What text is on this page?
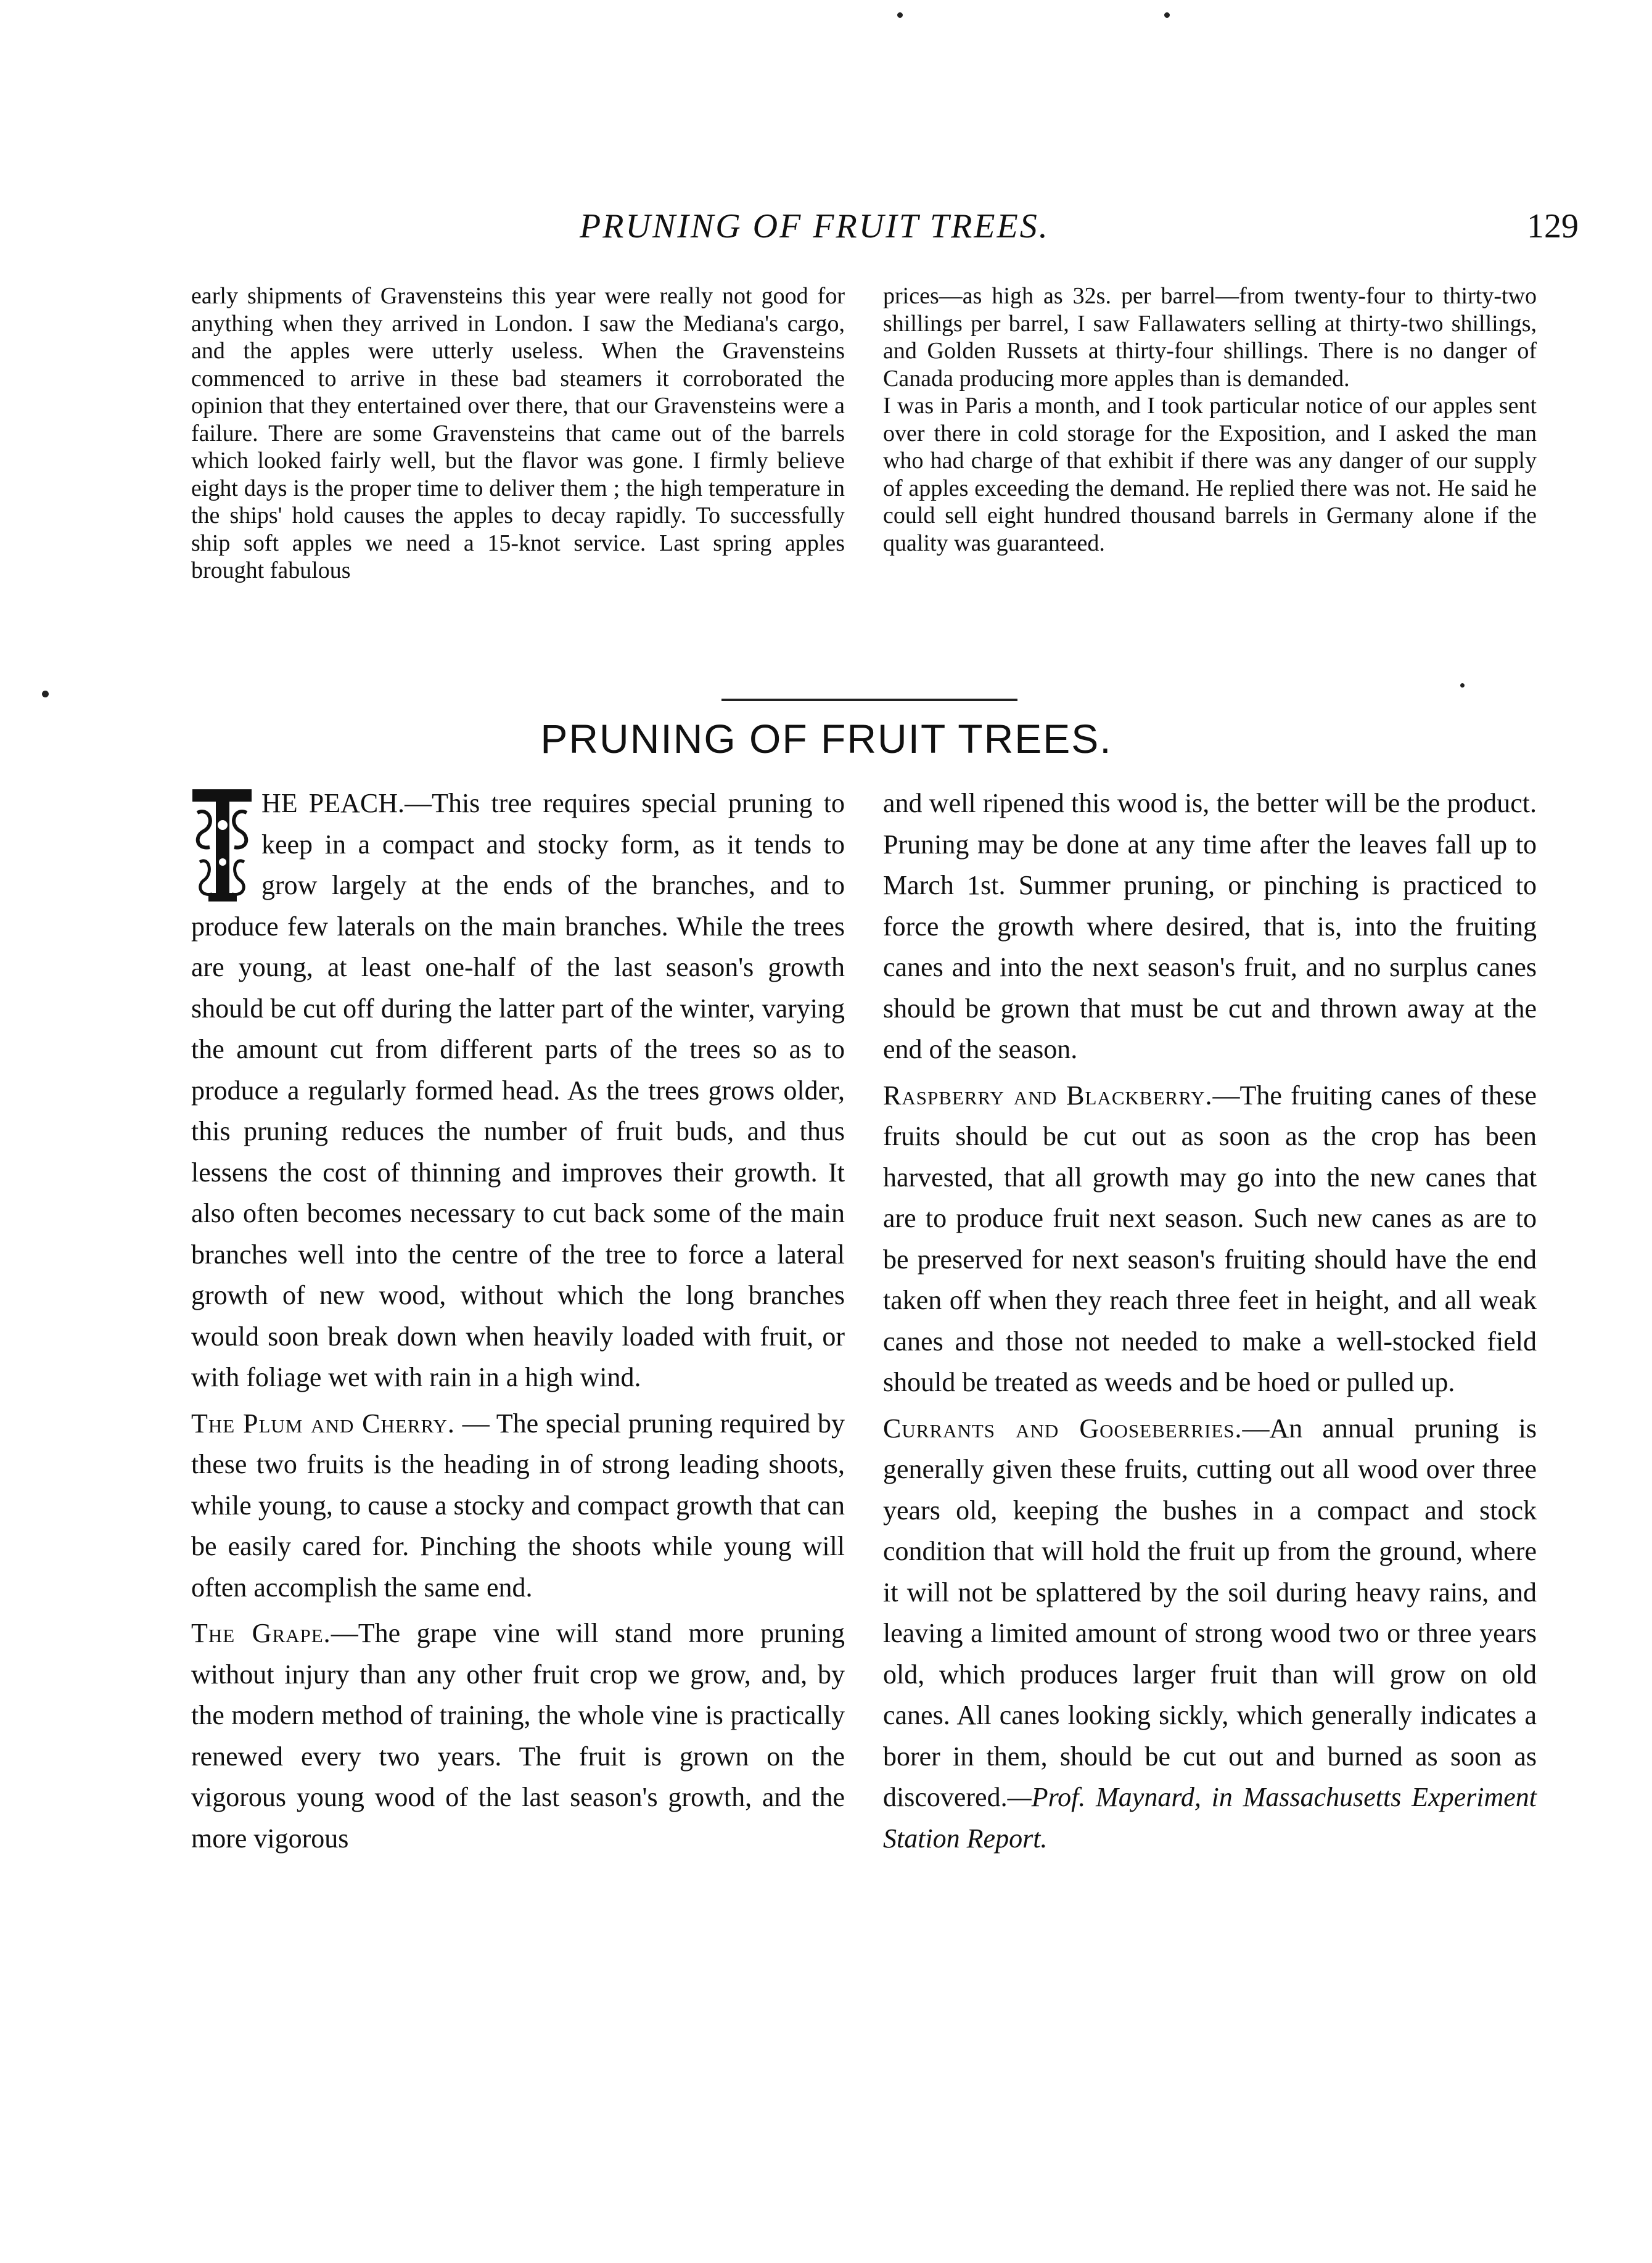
PRUNING OF FRUIT TREES.	129

early shipments of Gravensteins this year were really not good for anything when they arrived in London. I saw the Mediana's cargo, and the apples were utterly useless. When the Gravensteins commenced to arrive in these bad steamers it corroborated the opinion that they entertained over there, that our Gravensteins were a failure. There are some Gravensteins that came out of the barrels which looked fairly well, but the flavor was gone. I firmly believe eight days is the proper time to deliver them ; the high temperature in the ships' hold causes the apples to decay rapidly. To successfully ship soft apples we need a 15-knot service. Last spring apples brought fabulous

prices—as high as 32s. per barrel—from twenty-four to thirty-two shillings per barrel, I saw Fallawaters selling at thirty-two shillings, and Golden Russets at thirty-four shillings. There is no danger of Canada producing more apples than is demanded.

I was in Paris a month, and I took particular notice of our apples sent over there in cold storage for the Exposition, and I asked the man who had charge of that exhibit if there was any danger of our supply of apples exceeding the demand. He replied there was not. He said he could sell eight hundred thousand barrels in Germany alone if the quality was guaranteed.

PRUNING OF FRUIT TREES.

HE PEACH.—This tree requires special pruning to keep in a compact and stocky form, as it tends to grow largely at the ends of the branches, and to produce few laterals on the main branches. While the trees are young, at least one-half of the last season's growth should be cut off during the latter part of the winter, varying the amount cut from different parts of the trees so as to produce a regularly formed head. As the trees grows older, this pruning reduces the number of fruit buds, and thus lessens the cost of thinning and improves their growth. It also often becomes necessary to cut back some of the main branches well into the centre of the tree to force a lateral growth of new wood, without which the long branches would soon break down when heavily loaded with fruit, or with foliage wet with rain in a high wind.

The Plum and Cherry. — The special pruning required by these two fruits is the heading in of strong leading shoots, while young, to cause a stocky and compact growth that can be easily cared for. Pinching the shoots while young will often accomplish the same end.

The Grape.—The grape vine will stand more pruning without injury than any other fruit crop we grow, and, by the modern method of training, the whole vine is practically renewed every two years. The fruit is grown on the vigorous young wood of the last season's growth, and the more vigorous

and well ripened this wood is, the better will be the product. Pruning may be done at any time after the leaves fall up to March 1st. Summer pruning, or pinching is practiced to force the growth where desired, that is, into the fruiting canes and into the next season's fruit, and no surplus canes should be grown that must be cut and thrown away at the end of the season.

Raspberry and Blackberry.—The fruiting canes of these fruits should be cut out as soon as the crop has been harvested, that all growth may go into the new canes that are to produce fruit next season. Such new canes as are to be preserved for next season's fruiting should have the end taken off when they reach three feet in height, and all weak canes and those not needed to make a well-stocked field should be treated as weeds and be hoed or pulled up.

Currants and Gooseberries.—An annual pruning is generally given these fruits, cutting out all wood over three years old, keeping the bushes in a compact and stock condition that will hold the fruit up from the ground, where it will not be splattered by the soil during heavy rains, and leaving a limited amount of strong wood two or three years old, which produces larger fruit than will grow on old canes. All canes looking sickly, which generally indicates a borer in them, should be cut out and burned as soon as discovered.—Prof. Maynard, in Massachusetts Experiment Station Report.
